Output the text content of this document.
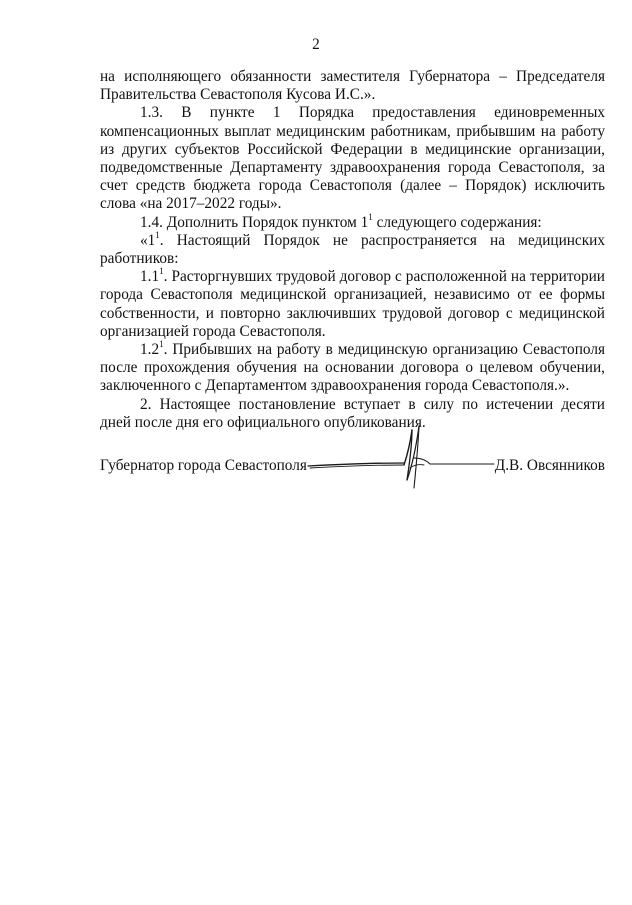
2

на исполняющего обязанности заместителя Губернатора – Председателя Правительства Севастополя Кусова И.С.».

1.3. В пункте 1 Порядка предоставления единовременных компенсационных выплат медицинским работникам, прибывшим на работу из других субъектов Российской Федерации в медицинские организации, подведомственные Департаменту здравоохранения города Севастополя, за счет средств бюджета города Севастополя (далее – Порядок) исключить слова «на 2017–2022 годы».

1.4. Дополнить Порядок пунктом $1^1$ следующего содержания:

«$1^1$. Настоящий Порядок не распространяется на медицинских работников:

$1.1^1$. Расторгнувших трудовой договор с расположенной на территории города Севастополя медицинской организацией, независимо от ее формы собственности, и повторно заключивших трудовой договор с медицинской организацией города Севастополя.

$1.2^1$. Прибывших на работу в медицинскую организацию Севастополя после прохождения обучения на основании договора о целевом обучении, заключенного с Департаментом здравоохранения города Севастополя.».

2. Настоящее постановление вступает в силу по истечении десяти дней после дня его официального опубликования.

Губернатор города Севастополя	Д.В. Овсянников
